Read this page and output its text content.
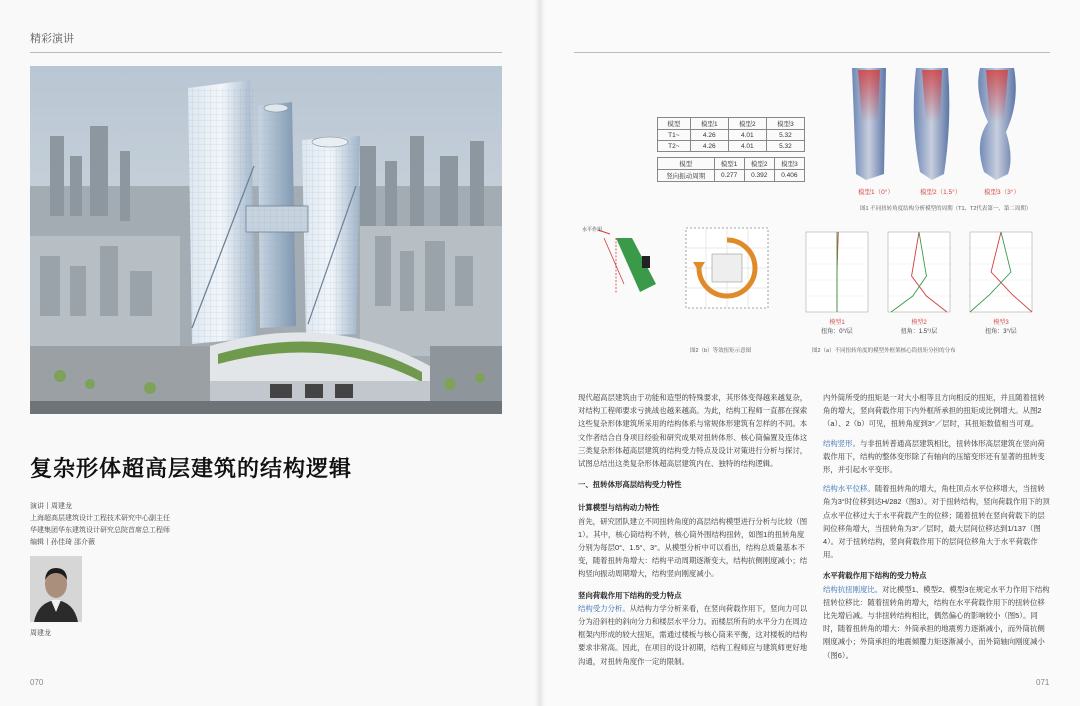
精彩演讲
复杂形体超高层建筑的结构逻辑
演讲丨周建龙
上海超高层建筑设计工程技术研究中心副主任
华建集团华东建筑设计研究总院首席总工程师
编辑丨孙佳琦 邵介薇
周建龙
070	071
模型	模型1	模型2	模型3
T1~	4.26	4.01	5.32
T2~	4.26	4.01	5.32
模型	模型1	模型2	模型3
竖向振动周期	0.277	0.392	0.406
模型1（0°）	模型2（1.5°）	模型3（3°）
图1 不同扭转角度结构分析模型的周期（T1、T2代表第一、第二周期）
水平作用
图2（b）等效扭矩示意图
模型1
扭角：0°/层
模型2
扭角：1.5°/层
模型3
扭角：3°/层
图2（a）不同扭转角度的模型外框架核心筒扭矩分担的分布

现代超高层建筑由于功能和造型的特殊要求，其形体变得越来越复杂，对结构工程师要求亏挑战也越来越高。为此，结构工程师一直都在探索这些复杂形体建筑所采用的结构体系与常规体形建筑有怎样的不同。本文作者结合自身项目经验和研究成果对扭转体形、核心筒偏置及连体这三类复杂形体超高层建筑的结构受力特点及设计对策进行分析与探讨，试图总结出这类复杂形体超高层建筑内在、独特的结构逻辑。

一、扭转体形高层结构受力特性

计算模型与结构动力特性

首先，研究团队建立不同扭转角度的高层结构模型进行分析与比较（图1）。其中，核心筒结构不转，核心筒外围结构扭转，如图1的扭转角度分别为每层0°、1.5°、3°。从模型分析中可以看出，结构总质量基本不变，随着扭转角增大：结构平动周期逐渐变大，结构抗侧刚度减小；结构竖向振动周期增大，结构竖向刚度减小。

竖向荷载作用下结构的受力特点

结构受力分析。从结构力学分析来看，在竖向荷载作用下，竖向力可以分为沿斜柱的斜向分力和楼层水平分力。而楼层所有的水平分力在周边框架内形成的较大扭矩，需通过楼板与核心筒来平衡，这对楼板的结构要求非常高。因此，在项目的设计初期，结构工程师应与建筑师更好地沟通，对扭转角度作一定的限制。

内外筒所受的扭矩是一对大小相等且方向相反的扭矩，并且随着扭转角的增大，竖向荷载作用下内外框所承担的扭矩成比例增大。从图2（a）、2（b）可见，扭转角度到3°／层时，其扭矩数值相当可观。

结构竖形。与非扭转普通高层建筑相比，扭转体形高层建筑在竖向荷载作用下，结构的整体变形除了有轴向的压缩变形还有显著的扭转变形，并引起水平变形。

结构水平位移。随着扭转角的增大，角柱顶点水平位移增大，当扭转角为3°时位移到达H/282（图3）。对于扭转结构，竖向荷载作用下的顶点水平位移过大于水平荷载产生的位移；随着扭转在竖向荷载下的层间位移角增大，当扭转角为3°／层时，最大层间位移达到1/137（图4）。对于扭转结构，竖向荷载作用下的层间位移角大于水平荷载作用。

水平荷载作用下结构的受力特点

结构抗扭刚度比。对比模型1、模型2、模型3在规定水平力作用下结构扭转位移比：随着扭转角的增大，结构在水平荷载作用下的扭转位移比先增后减。与非扭转结构相比，偶然偏心的影响较小（图5）。同时，随着扭转角的增大：外筒承担的地震剪力逐渐减小，而外筒抗侧刚度减小；外筒承担的地震倾覆力矩逐渐减小，而外筒轴向刚度减小（图6）。
